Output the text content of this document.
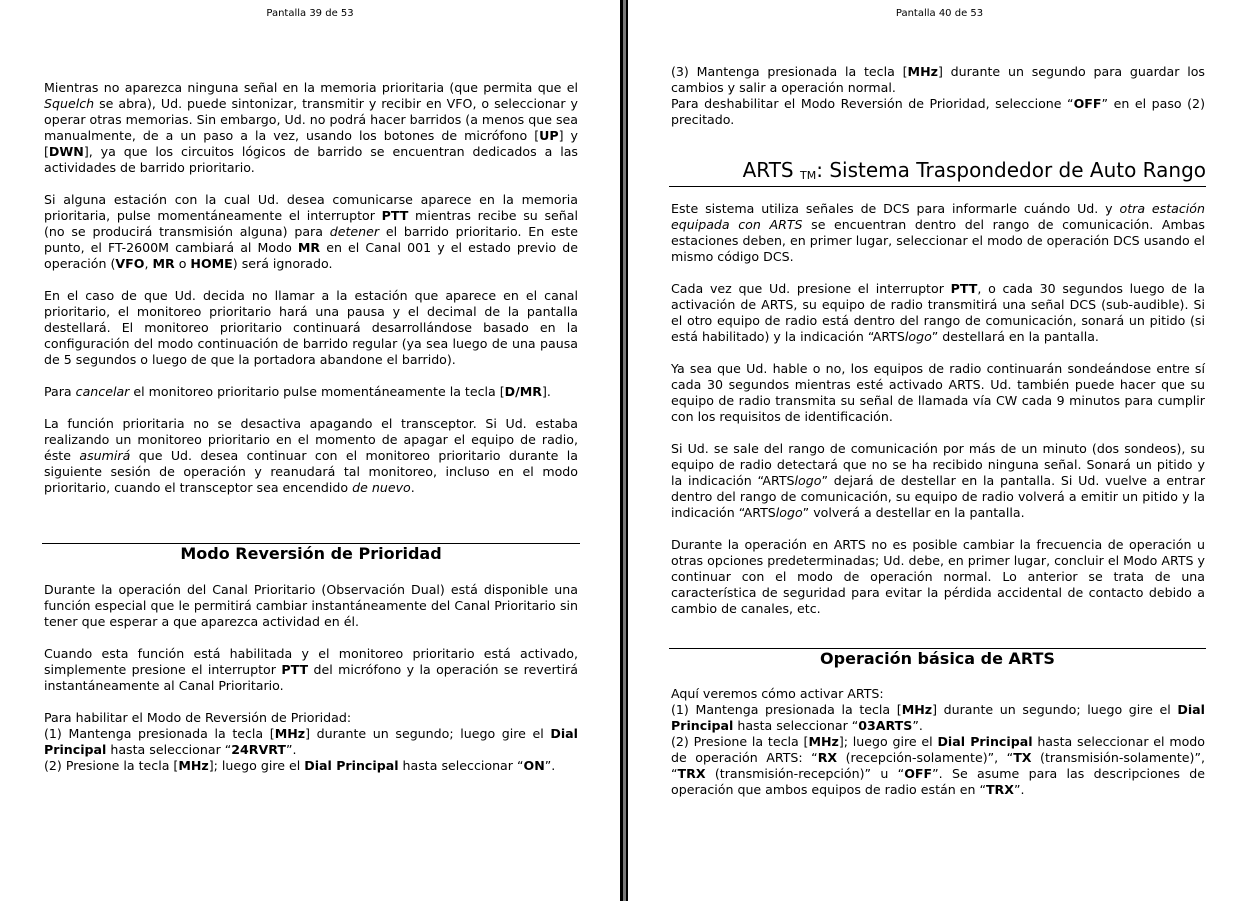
Pantalla 39 de 53

Mientras no aparezca ninguna señal en la memoria prioritaria (que permita que el Squelch se abra), Ud. puede sintonizar, transmitir y recibir en VFO, o seleccionar y operar otras memorias. Sin embargo, Ud. no podrá hacer barridos (a menos que sea manualmente, de a un paso a la vez, usando los botones de micrófono [UP] y [DWN], ya que los circuitos lógicos de barrido se encuentran dedicados a las actividades de barrido prioritario.

Si alguna estación con la cual Ud. desea comunicarse aparece en la memoria prioritaria, pulse momentáneamente el interruptor PTT mientras recibe su señal (no se producirá transmisión alguna) para detener el barrido prioritario. En este punto, el FT-2600M cambiará al Modo MR en el Canal 001 y el estado previo de operación (VFO, MR o HOME) será ignorado.

En el caso de que Ud. decida no llamar a la estación que aparece en el canal prioritario, el monitoreo prioritario hará una pausa y el decimal de la pantalla destellará. El monitoreo prioritario continuará desarrollándose basado en la configuración del modo continuación de barrido regular (ya sea luego de una pausa de 5 segundos o luego de que la portadora abandone el barrido).

Para cancelar el monitoreo prioritario pulse momentáneamente la tecla [D/MR].

La función prioritaria no se desactiva apagando el transceptor. Si Ud. estaba realizando un monitoreo prioritario en el momento de apagar el equipo de radio, éste asumirá que Ud. desea continuar con el monitoreo prioritario durante la siguiente sesión de operación y reanudará tal monitoreo, incluso en el modo prioritario, cuando el transceptor sea encendido de nuevo.

Modo Reversión de Prioridad

Durante la operación del Canal Prioritario (Observación Dual) está disponible una función especial que le permitirá cambiar instantáneamente del Canal Prioritario sin tener que esperar a que aparezca actividad en él.

Cuando esta función está habilitada y el monitoreo prioritario está activado, simplemente presione el interruptor PTT del micrófono y la operación se revertirá instantáneamente al Canal Prioritario.

Para habilitar el Modo de Reversión de Prioridad:

(1) Mantenga presionada la tecla [MHz] durante un segundo; luego gire el Dial Principal hasta seleccionar “24RVRT”.

(2) Presione la tecla [MHz]; luego gire el Dial Principal hasta seleccionar “ON”.

Pantalla 40 de 53

(3) Mantenga presionada la tecla [MHz] durante un segundo para guardar los cambios y salir a operación normal.

Para deshabilitar el Modo Reversión de Prioridad, seleccione “OFF” en el paso (2) precitado.

ARTS TM: Sistema Traspondedor de Auto Rango

Este sistema utiliza señales de DCS para informarle cuándo Ud. y otra estación equipada con ARTS se encuentran dentro del rango de comunicación. Ambas estaciones deben, en primer lugar, seleccionar el modo de operación DCS usando el mismo código DCS.

Cada vez que Ud. presione el interruptor PTT, o cada 30 segundos luego de la activación de ARTS, su equipo de radio transmitirá una señal DCS (sub-audible). Si el otro equipo de radio está dentro del rango de comunicación, sonará un pitido (si está habilitado) y la indicación “ARTSlogo” destellará en la pantalla.

Ya sea que Ud. hable o no, los equipos de radio continuarán sondeándose entre sí cada 30 segundos mientras esté activado ARTS. Ud. también puede hacer que su equipo de radio transmita su señal de llamada vía CW cada 9 minutos para cumplir con los requisitos de identificación.

Si Ud. se sale del rango de comunicación por más de un minuto (dos sondeos), su equipo de radio detectará que no se ha recibido ninguna señal. Sonará un pitido y la indicación “ARTSlogo” dejará de destellar en la pantalla. Si Ud. vuelve a entrar dentro del rango de comunicación, su equipo de radio volverá a emitir un pitido y la indicación “ARTSlogo” volverá a destellar en la pantalla.

Durante la operación en ARTS no es posible cambiar la frecuencia de operación u otras opciones predeterminadas; Ud. debe, en primer lugar, concluir el Modo ARTS y continuar con el modo de operación normal. Lo anterior se trata de una característica de seguridad para evitar la pérdida accidental de contacto debido a cambio de canales, etc.

Operación básica de ARTS

Aquí veremos cómo activar ARTS:

(1) Mantenga presionada la tecla [MHz] durante un segundo; luego gire el Dial Principal hasta seleccionar “03ARTS”.

(2) Presione la tecla [MHz]; luego gire el Dial Principal hasta seleccionar el modo de operación ARTS: “RX (recepción-solamente)”, “TX (transmisión-solamente)”, “TRX (transmisión-recepción)” u “OFF”. Se asume para las descripciones de operación que ambos equipos de radio están en “TRX”.
